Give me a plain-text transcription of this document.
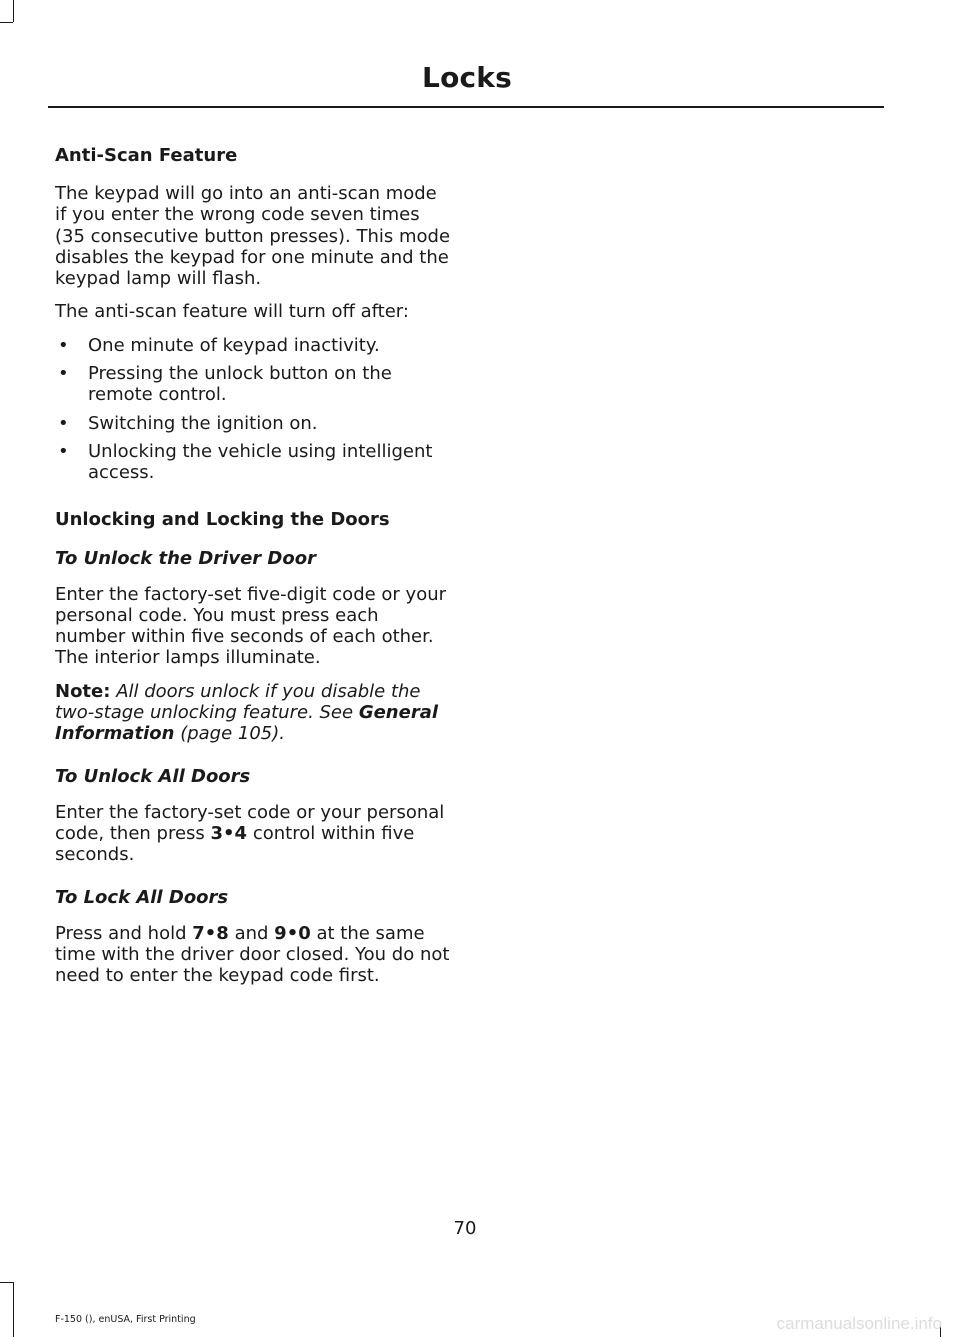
Locks
Anti-Scan Feature

The keypad will go into an anti-scan mode if you enter the wrong code seven times (35 consecutive button presses). This mode disables the keypad for one minute and the keypad lamp will flash.

The anti-scan feature will turn off after:

• One minute of keypad inactivity.
• Pressing the unlock button on the remote control.
• Switching the ignition on.
• Unlocking the vehicle using intelligent access.
Unlocking and Locking the Doors
To Unlock the Driver Door

Enter the factory-set five-digit code or your personal code. You must press each number within five seconds of each other. The interior lamps illuminate.

Note: All doors unlock if you disable the two-stage unlocking feature. See General Information (page 105).

To Unlock All Doors

Enter the factory-set code or your personal code, then press 3•4 control within five seconds.

To Lock All Doors

Press and hold 7•8 and 9•0 at the same time with the driver door closed. You do not need to enter the keypad code first.

70
F-150 (), enUSA, First Printing	carmanualsonline.info
